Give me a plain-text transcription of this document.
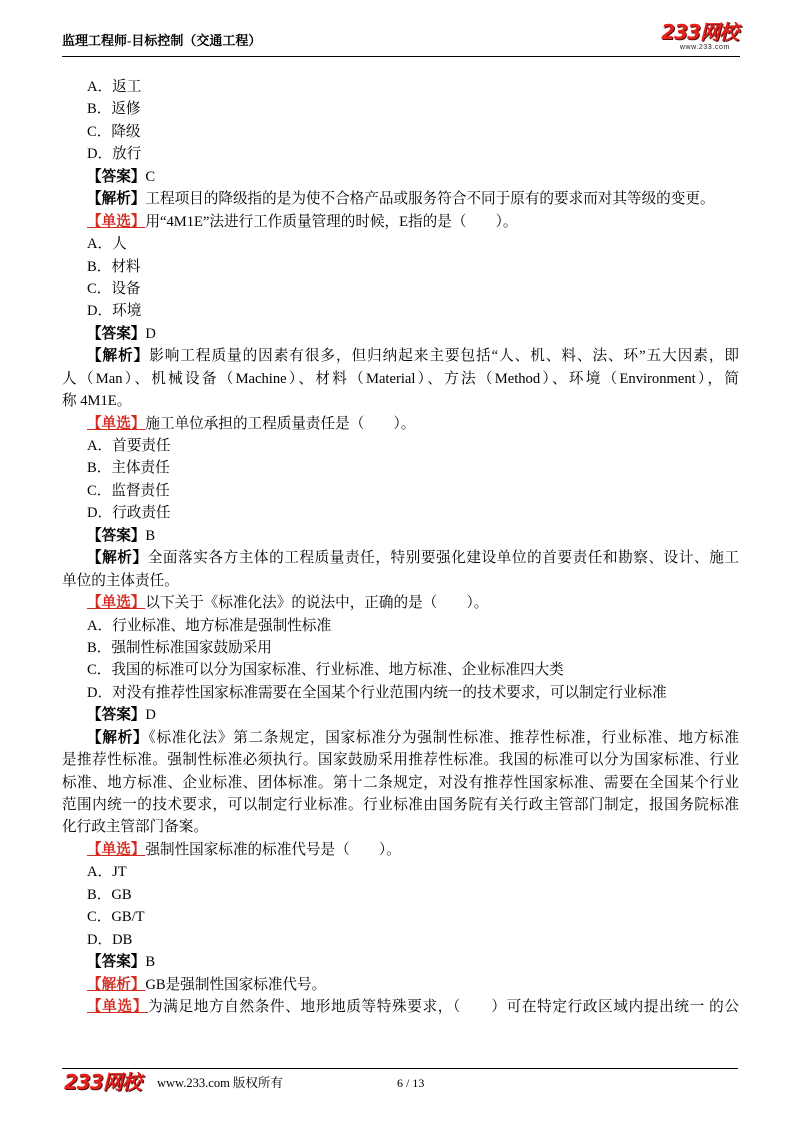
监理工程师-目标控制（交通工程）	233网校
www.233.com
A．返工
B．返修
C．降级
D．放行
【答案】C
【解析】工程项目的降级指的是为使不合格产品或服务符合不同于原有的要求而对其等级的变更。
【单选】用“4M1E”法进行工作质量管理的时候，E指的是（　　）。
A．人
B．材料
C．设备
D．环境
【答案】D
【解析】影响工程质量的因素有很多，但归纳起来主要包括“人、机、料、法、环”五大因素，即
人（Man）、机械设备（Machine）、材料（Material）、方法（Method）、环境（Environment），简
称 4M1E。
【单选】施工单位承担的工程质量责任是（　　）。
A．首要责任
B．主体责任
C．监督责任
D．行政责任
【答案】B
【解析】全面落实各方主体的工程质量责任，特别要强化建设单位的首要责任和勘察、设计、施工
单位的主体责任。
【单选】以下关于《标准化法》的说法中，正确的是（　　）。
A．行业标准、地方标准是强制性标准
B．强制性标准国家鼓励采用
C．我国的标准可以分为国家标准、行业标准、地方标准、企业标准四大类
D．对没有推荐性国家标准需要在全国某个行业范围内统一的技术要求，可以制定行业标准
【答案】D
【解析】《标准化法》第二条规定，国家标准分为强制性标准、推荐性标准，行业标准、地方标准
是推荐性标准。强制性标准必须执行。国家鼓励采用推荐性标准。我国的标准可以分为国家标准、行业
标准、地方标准、企业标准、团体标准。第十二条规定，对没有推荐性国家标准、需要在全国某个行业
范围内统一的技术要求，可以制定行业标准。行业标准由国务院有关行政主管部门制定，报国务院标准
化行政主管部门备案。
【单选】强制性国家标准的标准代号是（　　）。
A．JT
B．GB
C．GB/T
D．DB
【答案】B
【解析】GB是强制性国家标准代号。
【单选】为满足地方自然条件、地形地质等特殊要求，（　　）可在特定行政区域内提出统一 的公
233网校 www.233.com 版权所有	6 / 13
